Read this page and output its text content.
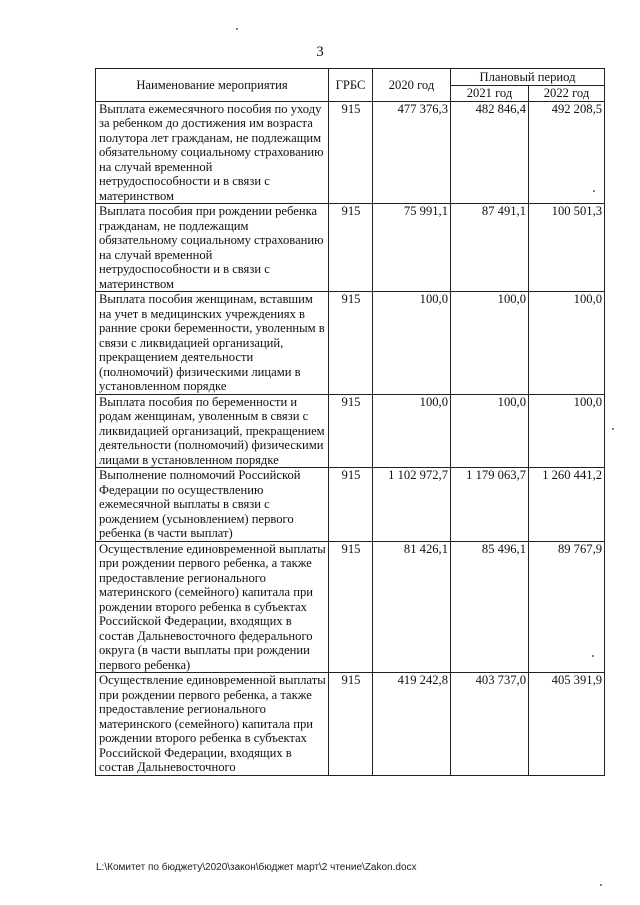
3
Наименование мероприятия	ГРБС	2020 год	Плановый период	
			2021 год	2022 год
Выплата ежемесячного пособия по уходу за ребенком до достижения им возраста полутора лет гражданам, не подлежащим обязательному социальному страхованию на случай временной нетрудоспособности и в связи с материнством	915	477 376,3	482 846,4	492 208,5
Выплата пособия при рождении ребенка гражданам, не подлежащим обязательному социальному страхованию на случай временной нетрудоспособности и в связи с материнством	915	75 991,1	87 491,1	100 501,3
Выплата пособия женщинам, вставшим на учет в медицинских учреждениях в ранние сроки беременности, уволенным в связи с ликвидацией организаций, прекращением деятельности (полномочий) физическими лицами в установленном порядке	915	100,0	100,0	100,0
Выплата пособия по беременности и родам женщинам, уволенным в связи с ликвидацией организаций, прекращением деятельности (полномочий) физическими лицами в установленном порядке	915	100,0	100,0	100,0
Выполнение полномочий Российской Федерации по осуществлению ежемесячной выплаты в связи с рождением (усыновлением) первого ребенка (в части выплат)	915	1 102 972,7	1 179 063,7	1 260 441,2
Осуществление единовременной выплаты при рождении первого ребенка, а также предоставление регионального материнского (семейного) капитала при рождении второго ребенка в субъектах Российской Федерации, входящих в состав Дальневосточного федерального округа (в части выплаты при рождении первого ребенка)	915	81 426,1	85 496,1	89 767,9
Осуществление единовременной выплаты при рождении первого ребенка, а также предоставление регионального материнского (семейного) капитала при рождении второго ребенка в субъектах Российской Федерации, входящих в состав Дальневосточного	915	419 242,8	403 737,0	405 391,9
L:\Комитет по бюджету\2020\закон\бюджет март\2 чтение\Zakon.docx
